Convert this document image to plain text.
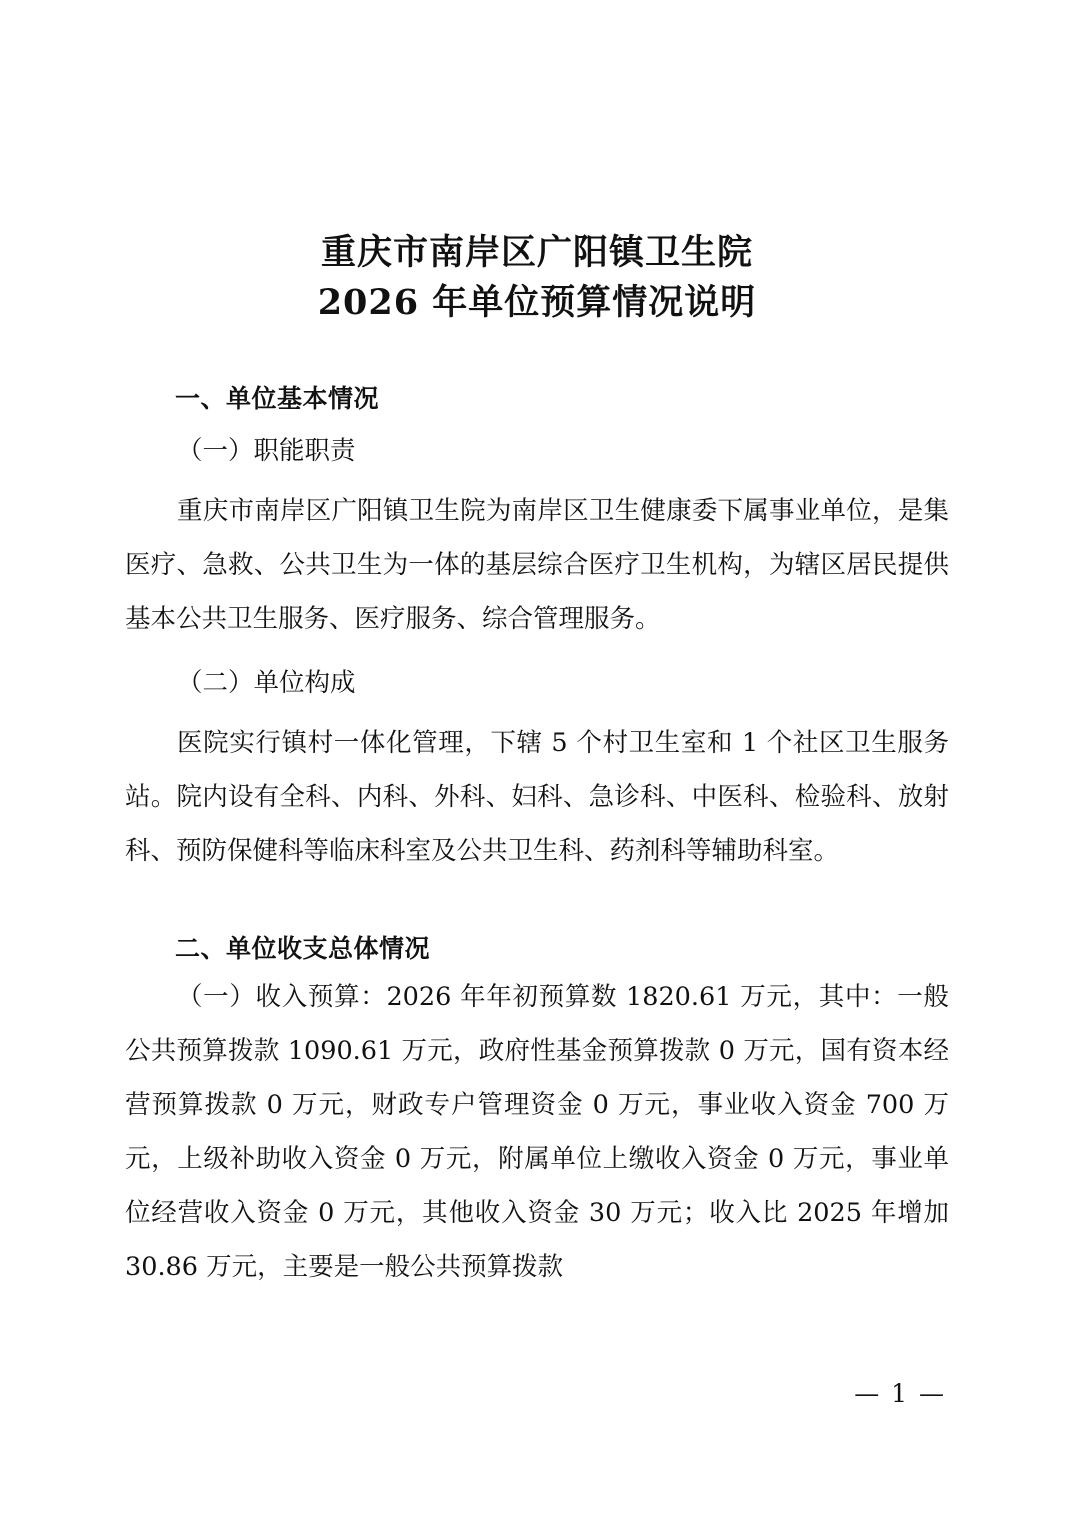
重庆市南岸区广阳镇卫生院
2026 年单位预算情况说明
一、单位基本情况
（一）职能职责
重庆市南岸区广阳镇卫生院为南岸区卫生健康委下属事业单位，是集医疗、急救、公共卫生为一体的基层综合医疗卫生机构，为辖区居民提供基本公共卫生服务、医疗服务、综合管理服务。
（二）单位构成
医院实行镇村一体化管理，下辖 5 个村卫生室和 1 个社区卫生服务站。院内设有全科、内科、外科、妇科、急诊科、中医科、检验科、放射科、预防保健科等临床科室及公共卫生科、药剂科等辅助科室。
二、单位收支总体情况
（一）收入预算：2026 年年初预算数 1820.61 万元，其中：一般公共预算拨款 1090.61 万元，政府性基金预算拨款 0 万元，国有资本经营预算拨款 0 万元，财政专户管理资金 0 万元，事业收入资金 700 万元，上级补助收入资金 0 万元，附属单位上缴收入资金 0 万元，事业单位经营收入资金 0 万元，其他收入资金 30 万元；收入比 2025 年增加 30.86 万元，主要是一般公共预算拨款
— 1 —
